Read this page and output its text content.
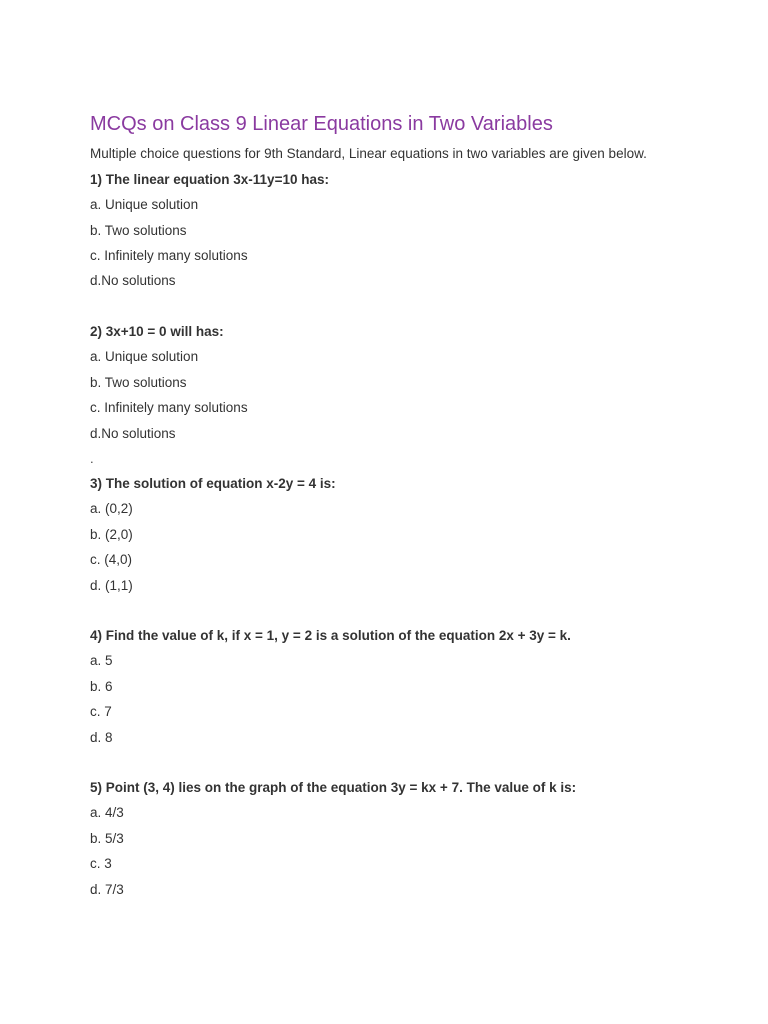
MCQs on Class 9 Linear Equations in Two Variables
Multiple choice questions for 9th Standard, Linear equations in two variables are given below.
1) The linear equation 3x-11y=10 has:
a. Unique solution
b. Two solutions
c. Infinitely many solutions
d.No solutions
2) 3x+10 = 0 will has:
a. Unique solution
b. Two solutions
c. Infinitely many solutions
d.No solutions
.
3) The solution of equation x-2y = 4 is:
a. (0,2)
b. (2,0)
c. (4,0)
d. (1,1)
4) Find the value of k, if x = 1, y = 2 is a solution of the equation 2x + 3y = k.
a. 5
b. 6
c. 7
d. 8
5) Point (3, 4) lies on the graph of the equation 3y = kx + 7. The value of k is:
a. 4/3
b. 5/3
c. 3
d. 7/3
